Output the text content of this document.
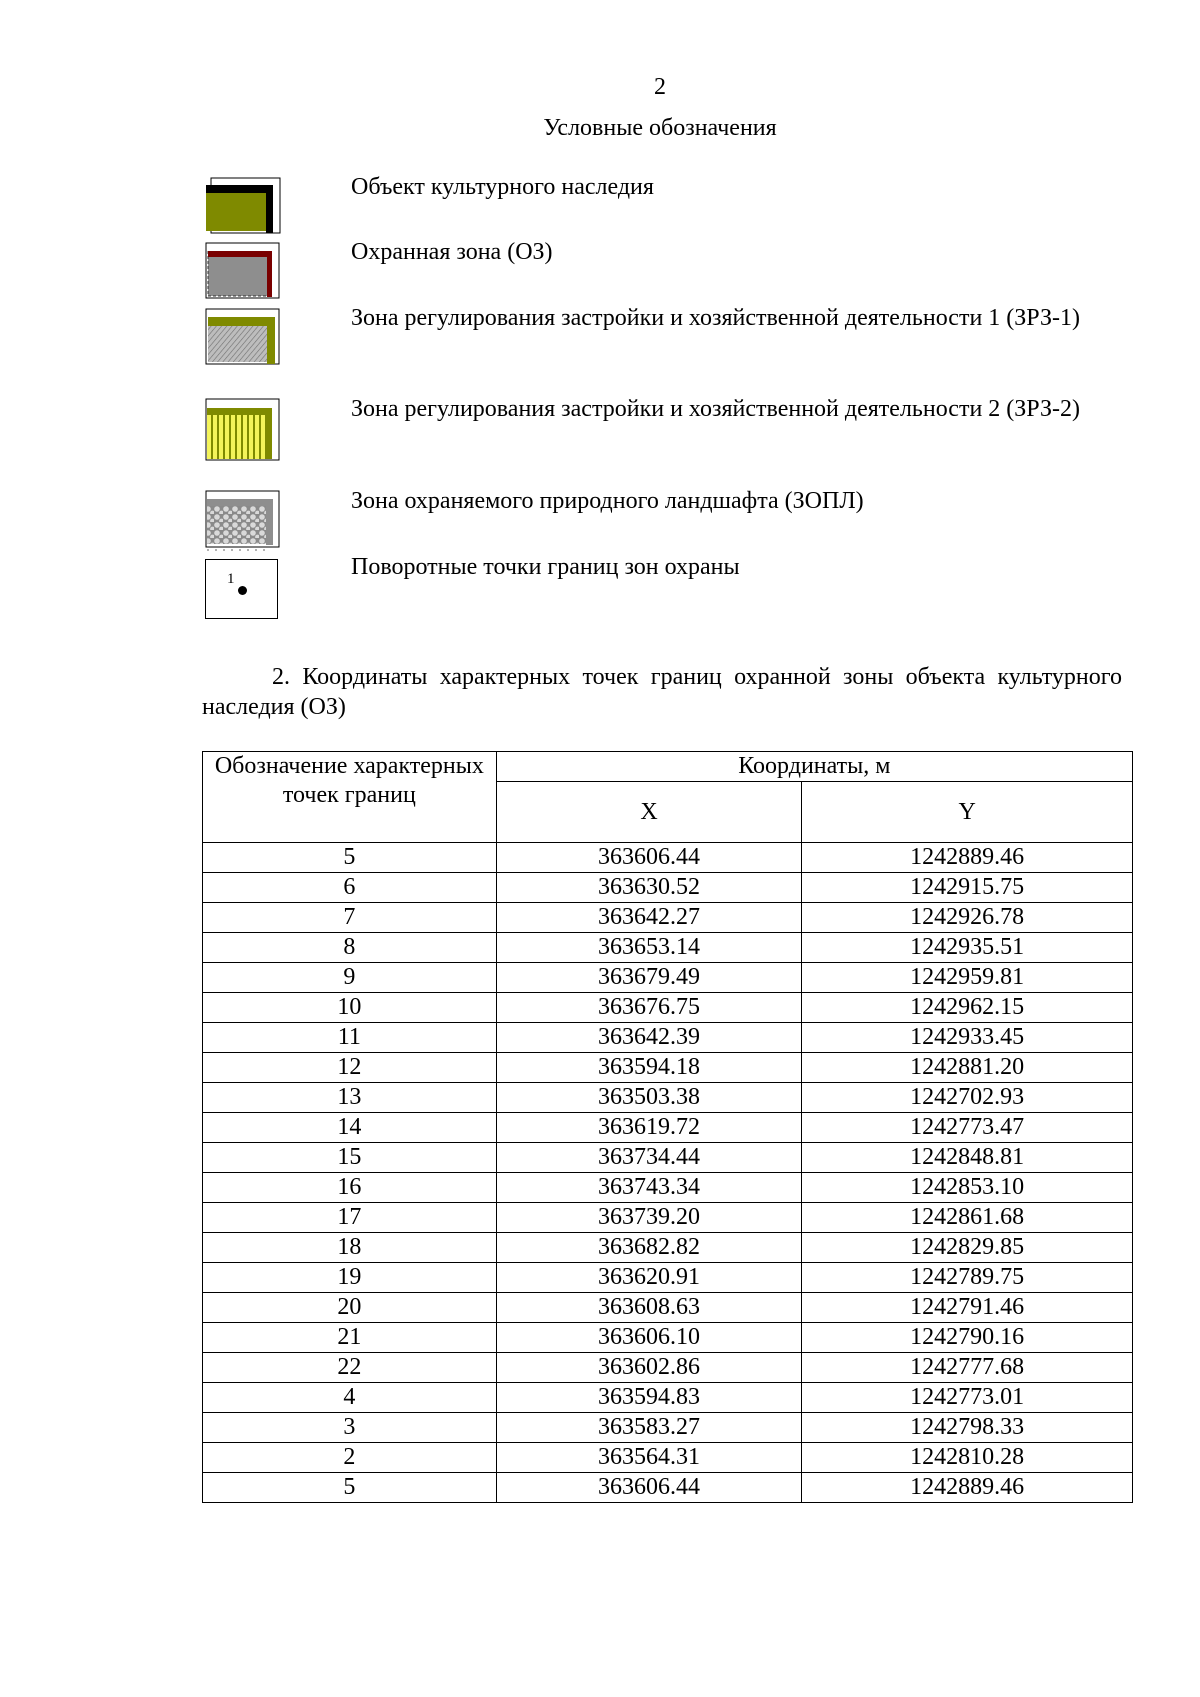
2
Условные обозначения
Объект культурного наследия
Охранная зона (ОЗ)
Зона регулирования застройки и хозяйственной деятельности 1 (ЗРЗ-1)
Зона регулирования застройки и хозяйственной деятельности 2 (ЗРЗ-2)
Зона охраняемого природного ландшафта (ЗОПЛ)
1	Поворотные точки границ зон охраны
2. Координаты характерных точек границ охранной зоны объекта культурного наследия (ОЗ)
Обозначение характерных точек границ	Координаты, м	
	X	Y
5	363606.44	1242889.46
6	363630.52	1242915.75
7	363642.27	1242926.78
8	363653.14	1242935.51
9	363679.49	1242959.81
10	363676.75	1242962.15
11	363642.39	1242933.45
12	363594.18	1242881.20
13	363503.38	1242702.93
14	363619.72	1242773.47
15	363734.44	1242848.81
16	363743.34	1242853.10
17	363739.20	1242861.68
18	363682.82	1242829.85
19	363620.91	1242789.75
20	363608.63	1242791.46
21	363606.10	1242790.16
22	363602.86	1242777.68
4	363594.83	1242773.01
3	363583.27	1242798.33
2	363564.31	1242810.28
5	363606.44	1242889.46
